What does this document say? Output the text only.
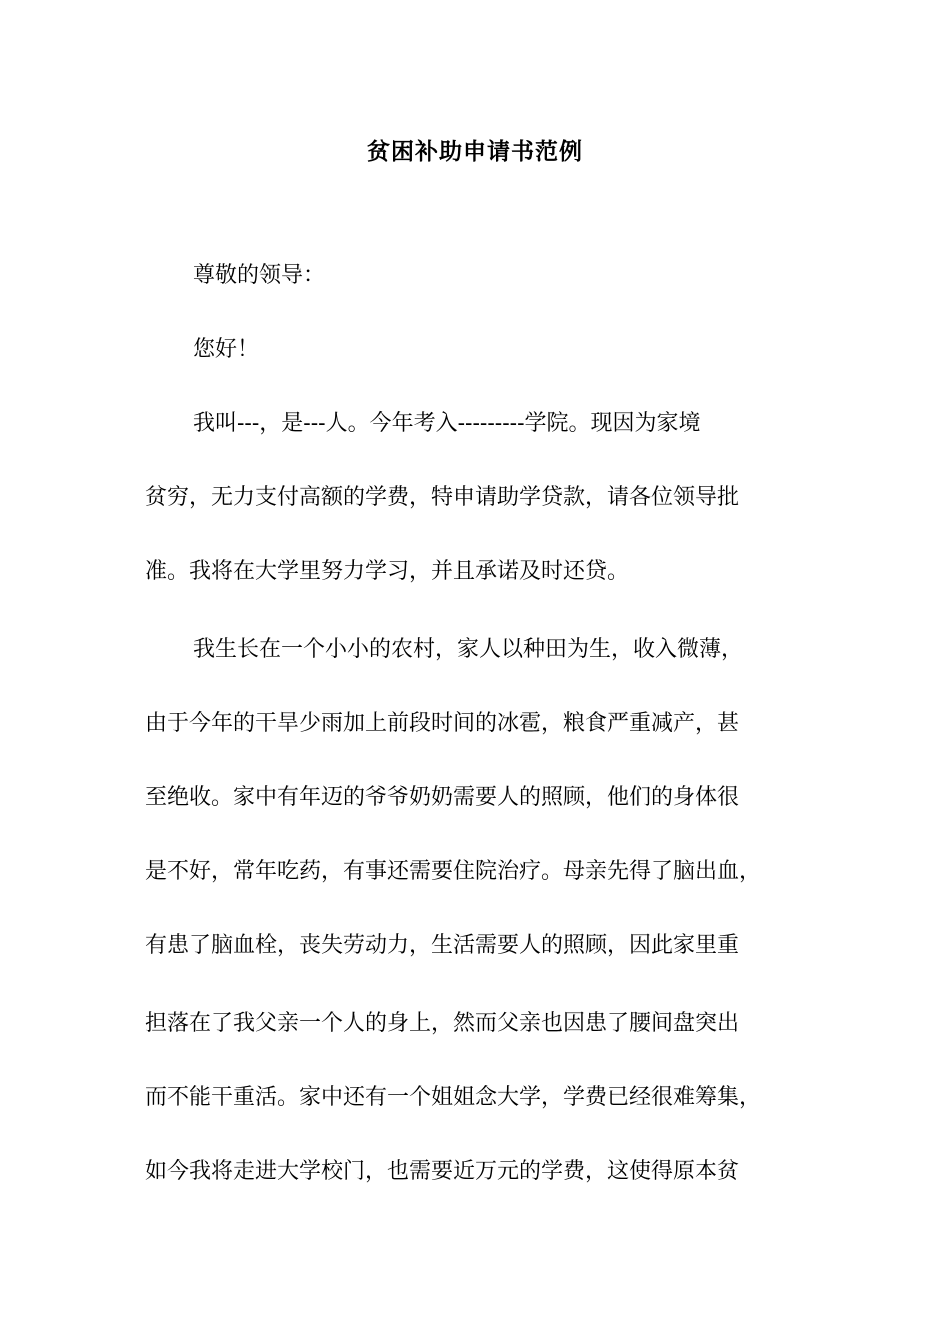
贫困补助申请书范例
尊敬的领导：
您好！
我叫---，是---人。今年考入---------学院。现因为家境
贫穷，无力支付高额的学费，特申请助学贷款，请各位领导批
准。我将在大学里努力学习，并且承诺及时还贷。
我生长在一个小小的农村，家人以种田为生，收入微薄，
由于今年的干旱少雨加上前段时间的冰雹，粮食严重减产，甚
至绝收。家中有年迈的爷爷奶奶需要人的照顾，他们的身体很
是不好，常年吃药，有事还需要住院治疗。母亲先得了脑出血，
有患了脑血栓，丧失劳动力，生活需要人的照顾，因此家里重
担落在了我父亲一个人的身上，然而父亲也因患了腰间盘突出
而不能干重活。家中还有一个姐姐念大学，学费已经很难筹集，
如今我将走进大学校门，也需要近万元的学费，这使得原本贫
